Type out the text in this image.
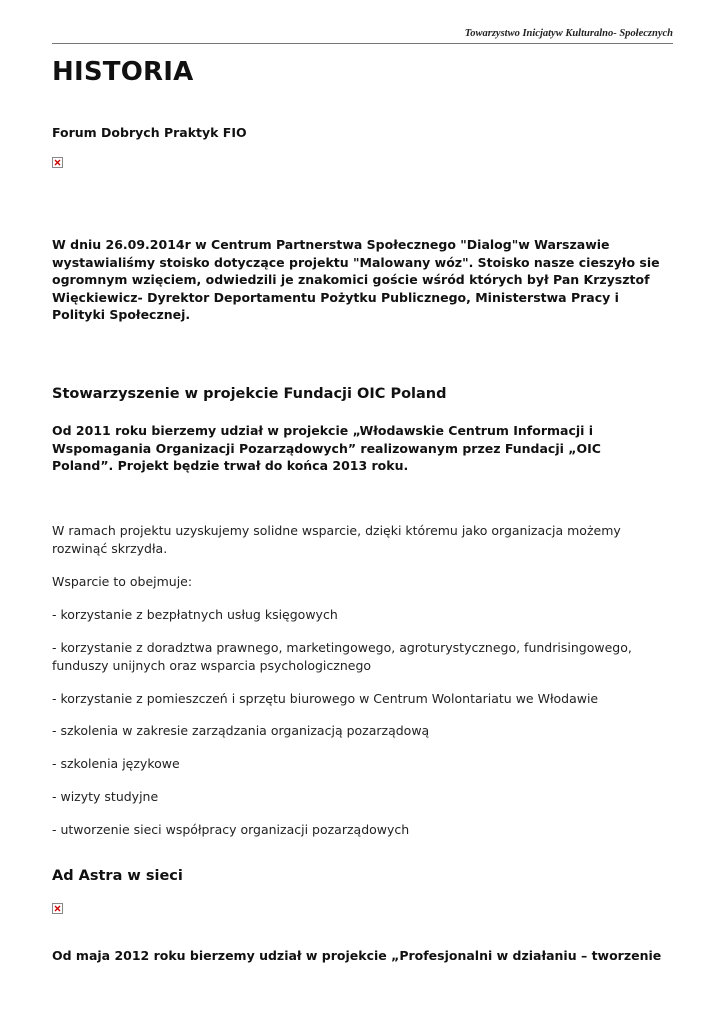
Towarzystwo Inicjatyw Kulturalno- Społecznych
HISTORIA
Forum Dobrych Praktyk FIO

W dniu 26.09.2014r w Centrum Partnerstwa Społecznego "Dialog"w Warszawie wystawialiśmy stoisko dotyczące projektu "Malowany wóz". Stoisko nasze cieszyło sie ogromnym wzięciem, odwiedzili je znakomici goście wśród których był Pan Krzysztof Więckiewicz- Dyrektor Deportamentu Pożytku Publicznego, Ministerstwa Pracy i Polityki Społecznej.

Stowarzyszenie w projekcie Fundacji OIC Poland

Od 2011 roku bierzemy udział w projekcie „Włodawskie Centrum Informacji i Wspomagania Organizacji Pozarządowych” realizowanym przez Fundacji „OIC Poland”. Projekt będzie trwał do końca 2013 roku.

W ramach projektu uzyskujemy solidne wsparcie, dzięki któremu jako organizacja możemy rozwinąć skrzydła.

Wsparcie to obejmuje:

- korzystanie z bezpłatnych usług księgowych

- korzystanie z doradztwa prawnego, marketingowego, agroturystycznego, fundrisingowego, funduszy unijnych oraz wsparcia psychologicznego

- korzystanie z pomieszczeń i sprzętu biurowego w Centrum Wolontariatu we Włodawie

- szkolenia w zakresie zarządzania organizacją pozarządową

- szkolenia językowe

- wizyty studyjne

- utworzenie sieci współpracy organizacji pozarządowych

Ad Astra w sieci

Od maja 2012 roku bierzemy udział w projekcie „Profesjonalni w działaniu – tworzenie
